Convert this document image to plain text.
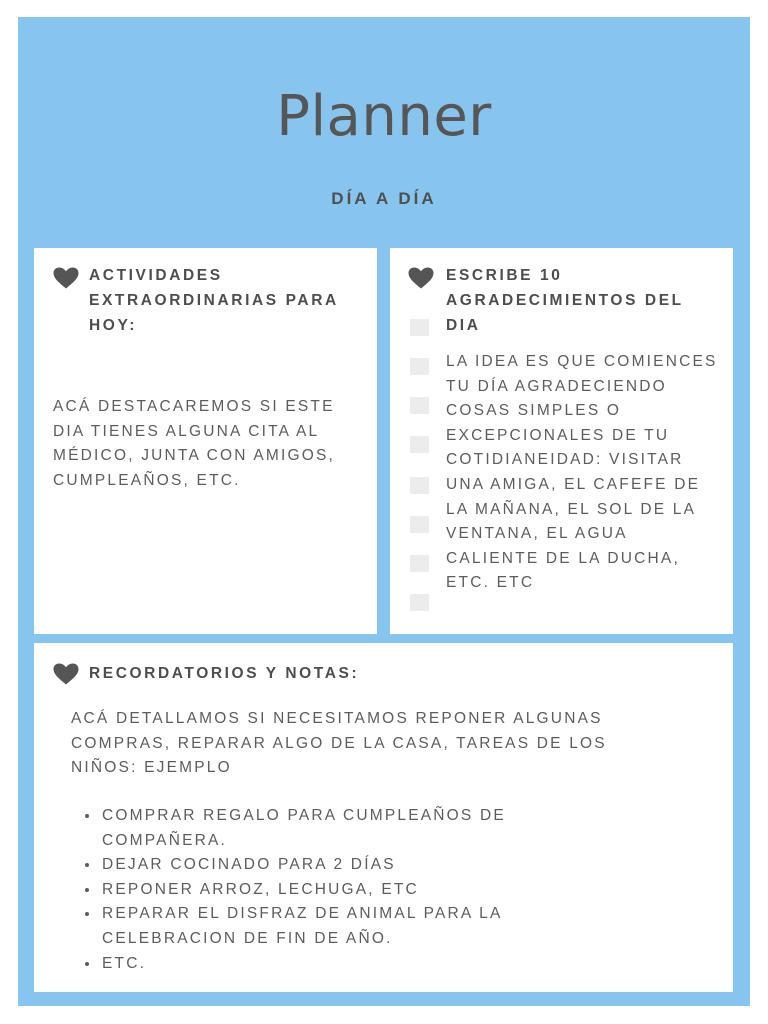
Planner
DÍA A DÍA
ACTIVIDADES EXTRAORDINARIAS PARA HOY:
ACÁ DESTACAREMOS SI ESTE DIA TIENES ALGUNA CITA AL MÉDICO, JUNTA CON AMIGOS, CUMPLEAÑOS, ETC.
ESCRIBE 10 AGRADECIMIENTOS DEL DIA
LA IDEA ES QUE COMIENCES TU DÍA AGRADECIENDO COSAS SIMPLES O EXCEPCIONALES DE TU COTIDIANEIDAD: VISITAR UNA AMIGA, EL CAFEFE DE LA MAÑANA, EL SOL DE LA VENTANA, EL AGUA CALIENTE DE LA DUCHA, ETC. ETC
RECORDATORIOS Y NOTAS:
ACÁ DETALLAMOS SI NECESITAMOS REPONER ALGUNAS COMPRAS, REPARAR ALGO DE LA CASA, TAREAS DE LOS NIÑOS: EJEMPLO
• COMPRAR REGALO PARA CUMPLEAÑOS DE COMPAÑERA.
• DEJAR COCINADO PARA 2 DÍAS
• REPONER ARROZ, LECHUGA, ETC
• REPARAR EL DISFRAZ DE ANIMAL PARA LA CELEBRACION DE FIN DE AÑO.
• ETC.
